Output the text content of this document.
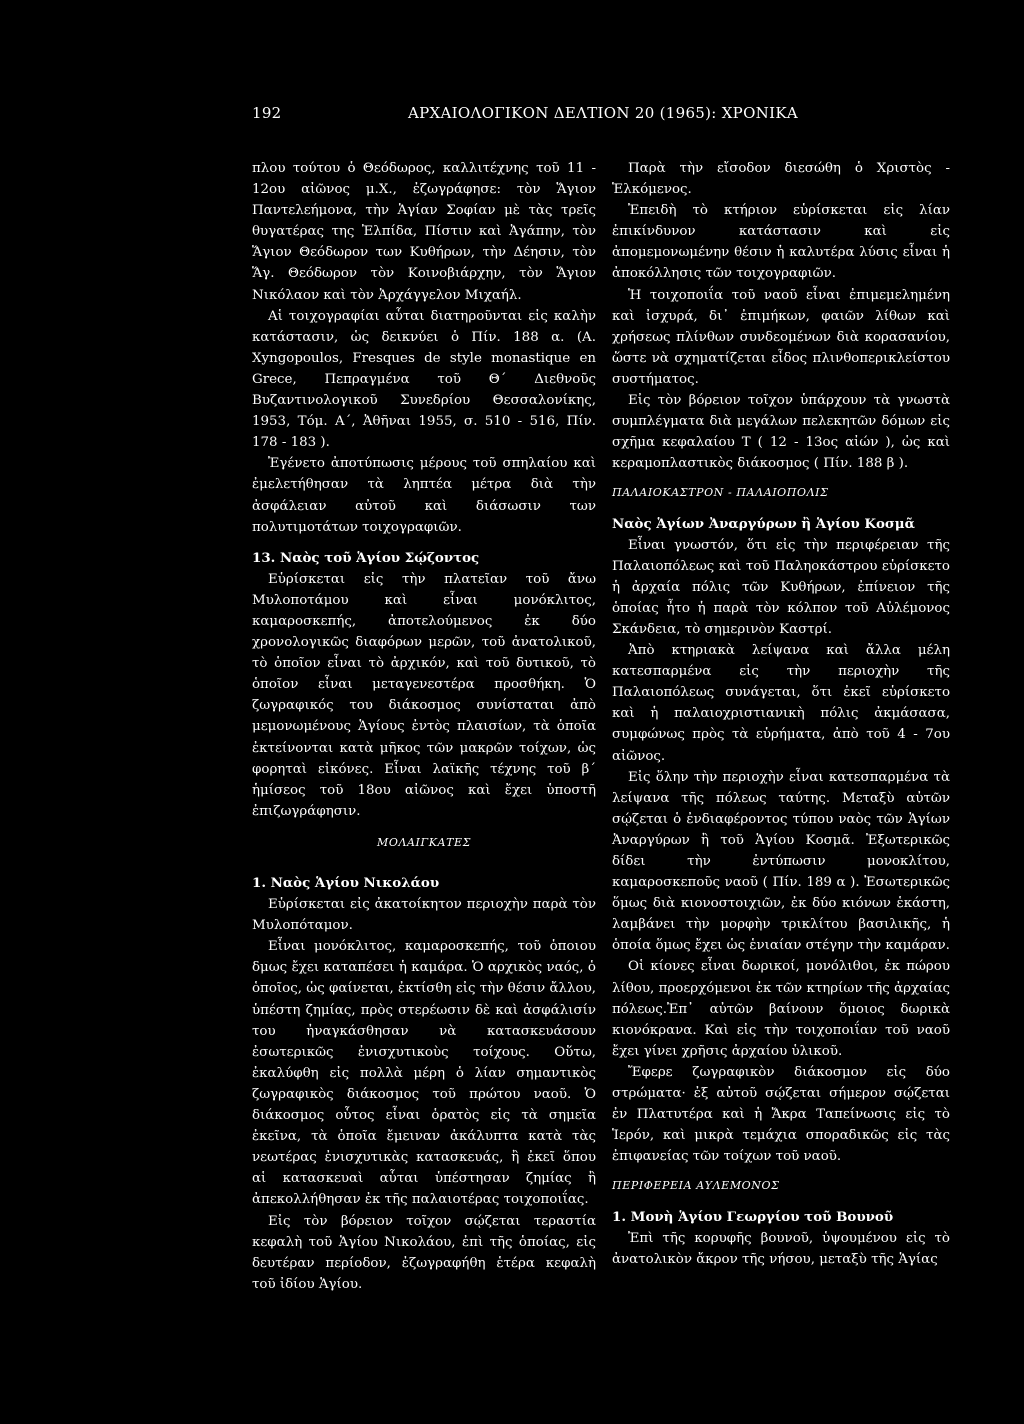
192	ΑΡΧΑΙΟΛΟΓΙΚΟΝ ΔΕΛΤΙΟΝ 20 (1965): ΧΡΟΝΙΚΑ

πλου τούτου ὁ Θεόδωρος, καλλιτέχνης τοῦ 11 - 12ου αἰῶνος μ.Χ., ἐζωγράφησε: τὸν Ἅγιον Παντελεήμονα, τὴν Ἁγίαν Σοφίαν μὲ τὰς τρεῖς θυγατέρας της Ἐλπίδα, Πίστιν καὶ Ἀγάπην, τὸν Ἅγιον Θεόδωρον των Κυθήρων, τὴν Δέησιν, τὸν Ἅγ. Θεόδωρον τὸν Κοινοβιάρχην, τὸν Ἅγιον Νικόλαον καὶ τὸν Ἀρχάγγελον Μιχαήλ.

Αἱ τοιχογραφίαι αὗται διατηροῦνται εἰς καλὴν κατάστασιν, ὡς δεικνύει ὁ Πίν. 188 α. (A. Xyngopoulos, Fresques de style monastique en Grece, Πεπραγμένα τοῦ Θ΄ Διεθνοῦς Βυζαντινολογικοῦ Συνεδρίου Θεσσαλονίκης, 1953, Τόμ. Α΄, Ἀθῆναι 1955, σ. 510 - 516, Πίν. 178 - 183 ).

Ἐγένετο ἀποτύπωσις μέρους τοῦ σπηλαίου καὶ ἐμελετήθησαν τὰ ληπτέα μέτρα διὰ τὴν ἀσφάλειαν αὐτοῦ καὶ διάσωσιν των πολυτιμοτάτων τοιχογραφιῶν.

13. Ναὸς τοῦ Ἁγίου Σῴζοντος

Εὑρίσκεται εἰς τὴν πλατεῖαν τοῦ ἄνω Μυλοποτάμου καὶ εἶναι μονόκλιτος, καμαροσκεπής, ἀποτελούμενος ἐκ δύο χρονολογικῶς διαφόρων μερῶν, τοῦ ἀνατολικοῦ, τὸ ὁποῖον εἶναι τὸ ἀρχικόν, καὶ τοῦ δυτικοῦ, τὸ ὁποῖον εἶναι μεταγενεστέρα προσθήκη. Ὁ ζωγραφικός του διάκοσμος συνίσταται ἀπὸ μεμονωμένους Ἁγίους ἐντὸς πλαισίων, τὰ ὁποῖα ἐκτείνονται κατὰ μῆκος τῶν μακρῶν τοίχων, ὡς φορηταὶ εἰκόνες. Εἶναι λαϊκῆς τέχνης τοῦ β΄ ἡμίσεος τοῦ 18ου αἰῶνος καὶ ἔχει ὑποστῆ ἐπιζωγράφησιν.

ΜΟΛΑΙΓΚΑΤΕΣ

1. Ναὸς Ἁγίου Νικολάου

Εὑρίσκεται εἰς ἀκατοίκητον περιοχὴν παρὰ τὸν Μυλοπόταμον.

Εἶναι μονόκλιτος, καμαροσκεπής, τοῦ ὁποιου δμως ἔχει καταπέσει ἡ καμάρα. Ὁ αρχικὸς ναός, ὁ ὁποῖος, ὡς φαίνεται, ἐκτίσθη εἰς τὴν θέσιν ἄλλου, ὑπέστη ζημίας, πρὸς στερέωσιν δὲ καὶ ἀσφάλισίν του ἠναγκάσθησαν νὰ κατασκευάσουν ἐσωτερικῶς ἐνισχυτικοὺς τοίχους. Οὕτω, ἐκαλύφθη εἰς πολλὰ μέρη ὁ λίαν σημαντικὸς ζωγραφικὸς διάκοσμος τοῦ πρώτου ναοῦ. Ὁ διάκοσμος οὗτος εἶναι ὁρατὸς εἰς τὰ σημεῖα ἐκεῖνα, τὰ ὁποῖα ἔμειναν ἀκάλυπτα κατὰ τὰς νεωτέρας ἐνισχυτικὰς κατασκευάς, ἢ ἐκεῖ ὅπου αἱ κατασκευαὶ αὗται ὑπέστησαν ζημίας ἢ ἀπεκολλήθησαν ἐκ τῆς παλαιοτέρας τοιχοποιΐας.

Εἰς τὸν βόρειον τοῖχον σῴζεται τεραστία κεφαλὴ τοῦ Ἁγίου Νικολάου, ἐπὶ τῆς ὁποίας, εἰς δευτέραν περίοδον, ἐζωγραφήθη ἑτέρα κεφαλὴ τοῦ ἰδίου Ἁγίου.

Παρὰ τὴν εἴσοδον διεσώθη ὁ Χριστὸς - Ἑλκόμενος.

Ἐπειδὴ τὸ κτήριον εὑρίσκεται εἰς λίαν ἐπικίνδυνον κατάστασιν καὶ εἰς ἀπομεμονωμένην θέσιν ἡ καλυτέρα λύσις εἶναι ἡ ἀποκόλλησις τῶν τοιχογραφιῶν.

Ἡ τοιχοποιΐα τοῦ ναοῦ εἶναι ἐπιμεμελημένη καὶ ἰσχυρά, δι᾽ ἐπιμήκων, φαιῶν λίθων καὶ χρήσεως πλίνθων συνδεομένων διὰ κορασανίου, ὥστε νὰ σχηματίζεται εἶδος πλινθοπερικλείστου συστήματος.

Εἰς τὸν βόρειον τοῖχον ὑπάρχουν τὰ γνωστὰ συμπλέγματα διὰ μεγάλων πελεκητῶν δόμων εἰς σχῆμα κεφαλαίου T ( 12 - 13ος αἰών ), ὡς καὶ κεραμοπλαστικὸς διάκοσμος ( Πίν. 188 β ).

ΠΑΛΑΙΟΚΑΣΤΡΟΝ - ΠΑΛΑΙΟΠΟΛΙΣ

Ναὸς Ἁγίων Ἀναργύρων ἢ Ἁγίου Κοσμᾶ

Εἶναι γνωστόν, ὅτι εἰς τὴν περιφέρειαν τῆς Παλαιοπόλεως καὶ τοῦ Παληοκάστρου εὑρίσκετο ἡ ἀρχαία πόλις τῶν Κυθήρων, ἐπίνειον τῆς ὁποίας ἦτο ἡ παρὰ τὸν κόλπον τοῦ Αὐλέμονος Σκάνδεια, τὸ σημερινὸν Καστρί.

Ἀπὸ κτηριακὰ λείψανα καὶ ἄλλα μέλη κατεσπαρμένα εἰς τὴν περιοχὴν τῆς Παλαιοπόλεως συνάγεται, ὅτι ἐκεῖ εὑρίσκετο καὶ ἡ παλαιοχριστιανικὴ πόλις ἀκμάσασα, συμφώνως πρὸς τὰ εὑρήματα, ἀπὸ τοῦ 4 - 7ου αἰῶνος.

Εἰς ὅλην τὴν περιοχὴν εἶναι κατεσπαρμένα τὰ λείψανα τῆς πόλεως ταύτης. Μεταξὺ αὐτῶν σῴζεται ὁ ἐνδιαφέροντος τύπου ναὸς τῶν Ἁγίων Ἀναργύρων ἢ τοῦ Ἁγίου Κοσμᾶ. Ἐξωτερικῶς δίδει τὴν ἐντύπωσιν μονοκλίτου, καμαροσκεποῦς ναοῦ ( Πίν. 189 α ). Ἐσωτερικῶς ὅμως διὰ κιονοστοιχιῶν, ἐκ δύο κιόνων ἑκάστη, λαμβάνει τὴν μορφὴν τρικλίτου βασιλικῆς, ἡ ὁποία ὅμως ἔχει ὡς ἑνιαίαν στέγην τὴν καμάραν.

Οἱ κίονες εἶναι δωρικοί, μονόλιθοι, ἐκ πώρου λίθου, προερχόμενοι ἐκ τῶν κτηρίων τῆς ἀρχαίας πόλεως.Ἐπ᾽ αὐτῶν βαίνουν ὅμοιος δωρικὰ κιονόκρανα. Καὶ εἰς τὴν τοιχοποιΐαν τοῦ ναοῦ ἔχει γίνει χρῆσις ἀρχαίου ὑλικοῦ.

Ἔφερε ζωγραφικὸν διάκοσμον εἰς δύο στρώματα· ἐξ αὐτοῦ σῴζεται σήμερον σῴζεται ἐν Πλατυτέρα καὶ ἡ Ἄκρα Ταπείνωσις εἰς τὸ Ἱερόν, καὶ μικρὰ τεμάχια σποραδικῶς εἰς τὰς ἐπιφανείας τῶν τοίχων τοῦ ναοῦ.

ΠΕΡΙΦΕΡΕΙΑ ΑΥΛΕΜΟΝΟΣ

1. Μονὴ Ἁγίου Γεωργίου τοῦ Βουνοῦ

Ἐπὶ τῆς κορυφῆς βουνοῦ, ὑψουμένου εἰς τὸ ἀνατολικὸν ἄκρον τῆς νήσου, μεταξὺ τῆς Ἁγίας
